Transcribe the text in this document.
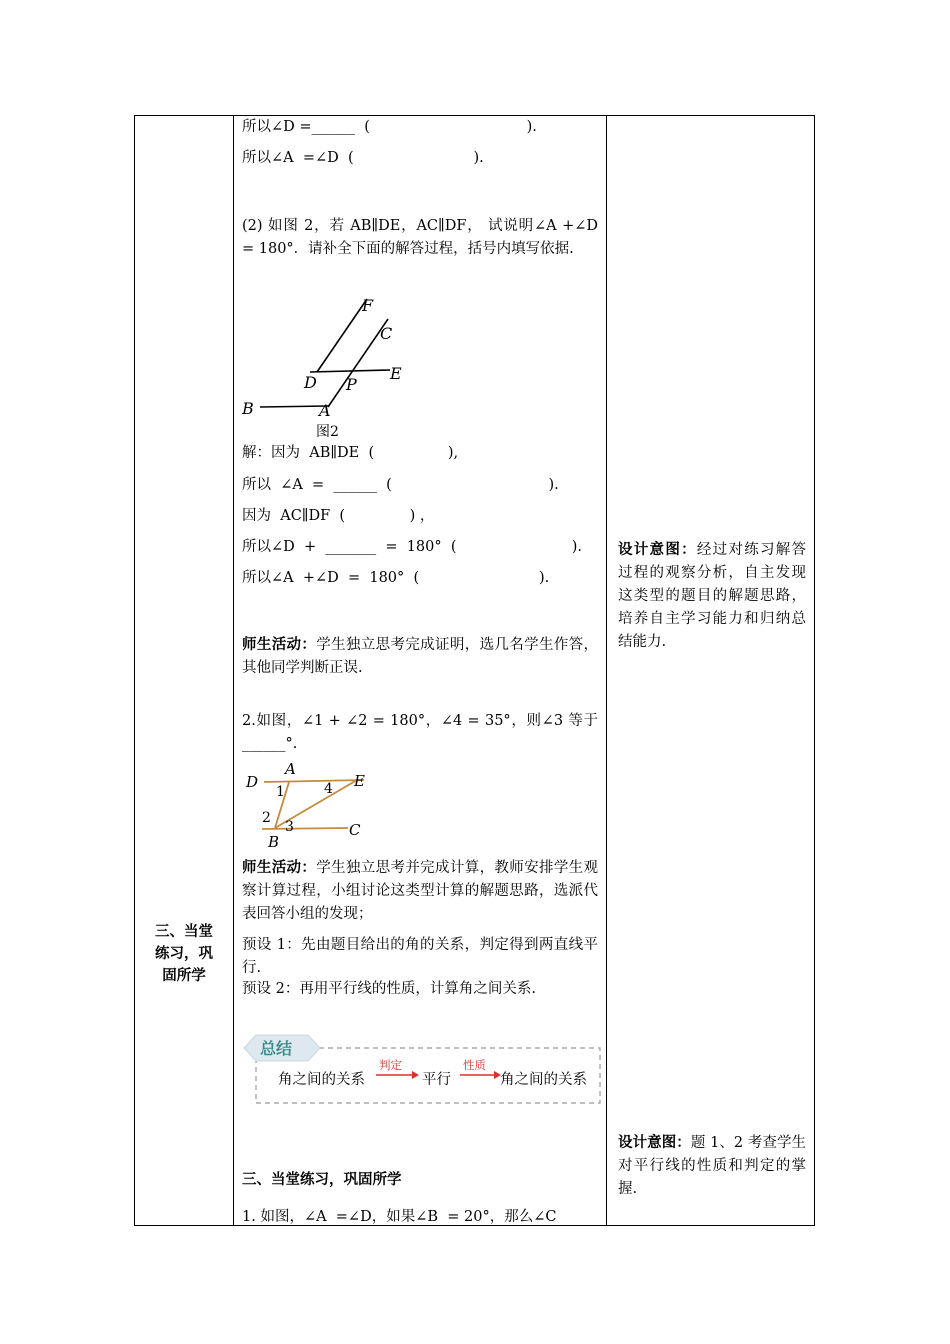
三、当堂
练习，巩
固所学
所以∠D =______  (                                  ).
所以∠A  =∠D  (                          ).
(2) 如图 2，若 AB∥DE，AC∥DF， 试说明∠A +∠D = 180°．请补全下面的解答过程，括号内填写依据.
F
C
D P
E
B	A
图2
解：因为  AB∥DE  (                ),
所以  ∠A  =  ______  (                                  ).
因为  AC∥DF  (              ) ，
所以∠D  +  _______  =  180°  (                         ).
所以∠A  +∠D  =  180°  (                          ).
师生活动：学生独立思考完成证明，选几名学生作答，其他同学判断正误.
2.如图，∠1 + ∠2 = 180°，∠4 = 35°，则∠3 等于______°.
A
D	E
1	4
2
3	C
B
师生活动：学生独立思考并完成计算，教师安排学生观察计算过程，小组讨论这类型计算的解题思路，选派代表回答小组的发现；
预设 1：先由题目给出的角的关系，判定得到两直线平行.
预设 2：再用平行线的性质，计算角之间关系.
总结
角之间的关系
判定
平行
性质
角之间的关系
三、当堂练习，巩固所学
1. 如图，∠A  =∠D，如果∠B  = 20°，那么∠C
设计意图：经过对练习解答过程的观察分析，自主发现这类型的题目的解题思路，培养自主学习能力和归纳总结能力.
设计意图：题 1、2 考查学生对平行线的性质和判定的掌握.
